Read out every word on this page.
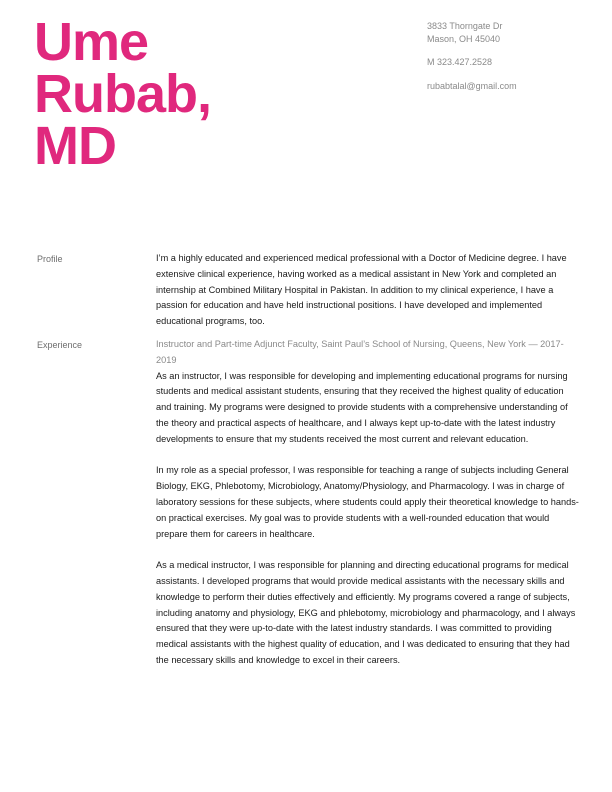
Ume
Rubab,
MD
3833 Thorngate Dr
Mason, OH 45040
M 323.427.2528
rubabtalal@gmail.com
Profile	I’m a highly educated and experienced medical professional with a Doctor of Medicine degree. I have extensive clinical experience, having worked as a medical assistant in New York and completed an internship at Combined Military Hospital in Pakistan. In addition to my clinical experience, I have a passion for education and have held instructional positions. I have developed and implemented educational programs, too.

Experience	Instructor and Part-time Adjunct Faculty, Saint Paul’s School of Nursing, Queens, New York — 2017-2019

As an instructor, I was responsible for developing and implementing educational programs for nursing students and medical assistant students, ensuring that they received the highest quality of education and training. My programs were designed to provide students with a comprehensive understanding of the theory and practical aspects of healthcare, and I always kept up-to-date with the latest industry developments to ensure that my students received the most current and relevant education.

In my role as a special professor, I was responsible for teaching a range of subjects including General Biology, EKG, Phlebotomy, Microbiology, Anatomy/Physiology, and Pharmacology. I was in charge of laboratory sessions for these subjects, where students could apply their theoretical knowledge to hands-on practical exercises. My goal was to provide students with a well-rounded education that would prepare them for careers in healthcare.

As a medical instructor, I was responsible for planning and directing educational programs for medical assistants. I developed programs that would provide medical assistants with the necessary skills and knowledge to perform their duties effectively and efficiently. My programs covered a range of subjects, including anatomy and physiology, EKG and phlebotomy, microbiology and pharmacology, and I always ensured that they were up-to-date with the latest industry standards. I was committed to providing medical assistants with the highest quality of education, and I was dedicated to ensuring that they had the necessary skills and knowledge to excel in their careers.
